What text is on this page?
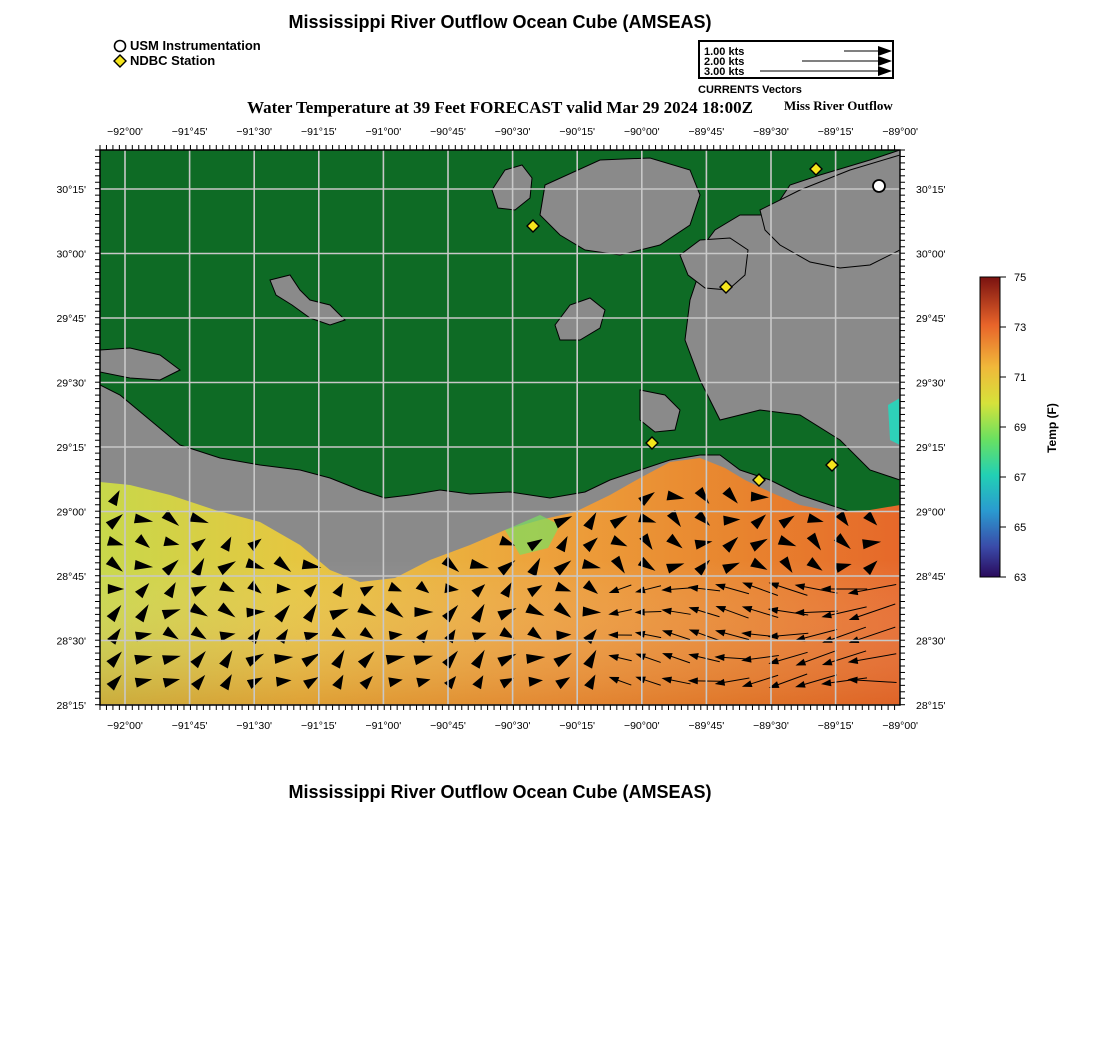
Mississippi River Outflow Ocean Cube (AMSEAS)
USM Instrumentation
NDBC Station
1.00 kts
2.00 kts
3.00 kts
CURRENTS Vectors
Water Temperature at 39 Feet FORECAST valid Mar 29 2024 18:00Z	Miss River Outflow
−92°00'
−92°00'
−91°45'
−91°45'
−91°30'
−91°30'
−91°15'
−91°15'
−91°00'
−91°00'
−90°45'
−90°45'
−90°30'
−90°30'
−90°15'
−90°15'
−90°00'
−90°00'
−89°45'
−89°45'
−89°30'
−89°30'
−89°15'
−89°15'
−89°00'
−89°00'
30°15'	30°15'
30°00'	30°00'
29°45'	29°45'
29°30'	29°30'
29°15'	29°15'
29°00'	29°00'
28°45'	28°45'
28°30'	28°30'
28°15'	28°15'
75
73
71
69
67
65
63
Temp (F)
Mississippi River Outflow Ocean Cube (AMSEAS)
